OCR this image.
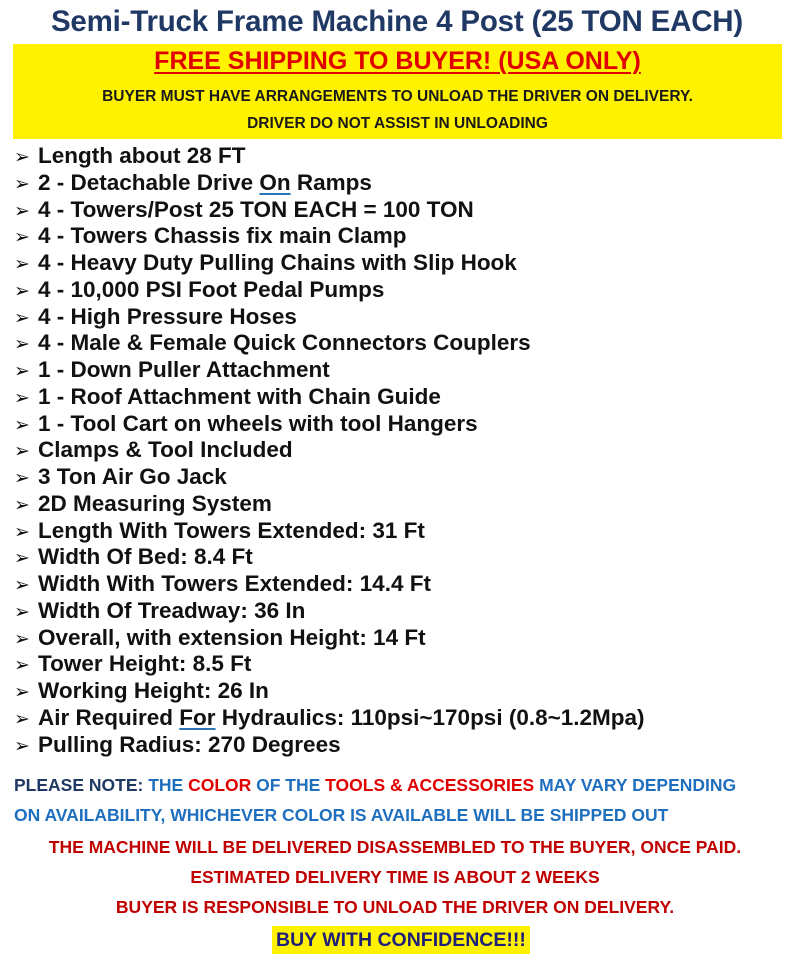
Semi-Truck Frame Machine 4 Post (25 TON EACH)
FREE SHIPPING TO BUYER! (USA ONLY)
BUYER MUST HAVE ARRANGEMENTS TO UNLOAD THE DRIVER ON DELIVERY.
DRIVER DO NOT ASSIST IN UNLOADING
➢ Length about 28 FT
➢ 2 - Detachable Drive On Ramps
➢ 4 - Towers/Post 25 TON EACH = 100 TON
➢ 4 - Towers Chassis fix main Clamp
➢ 4 - Heavy Duty Pulling Chains with Slip Hook
➢ 4 - 10,000 PSI Foot Pedal Pumps
➢ 4 - High Pressure Hoses
➢ 4 - Male & Female Quick Connectors Couplers
➢ 1 - Down Puller Attachment
➢ 1 - Roof Attachment with Chain Guide
➢ 1 - Tool Cart on wheels with tool Hangers
➢ Clamps & Tool Included
➢ 3 Ton Air Go Jack
➢ 2D Measuring System
➢ Length With Towers Extended: 31 Ft
➢ Width Of Bed: 8.4 Ft
➢ Width With Towers Extended: 14.4 Ft
➢ Width Of Treadway: 36 In
➢ Overall, with extension Height: 14 Ft
➢ Tower Height: 8.5 Ft
➢ Working Height: 26 In
➢ Air Required For Hydraulics: 110psi~170psi (0.8~1.2Mpa)
➢ Pulling Radius: 270 Degrees
PLEASE NOTE: THE COLOR OF THE TOOLS & ACCESSORIES MAY VARY DEPENDING
ON AVAILABILITY, WHICHEVER COLOR IS AVAILABLE WILL BE SHIPPED OUT
THE MACHINE WILL BE DELIVERED DISASSEMBLED TO THE BUYER, ONCE PAID.
ESTIMATED DELIVERY TIME IS ABOUT 2 WEEKS
BUYER IS RESPONSIBLE TO UNLOAD THE DRIVER ON DELIVERY.
BUY WITH CONFIDENCE!!!
